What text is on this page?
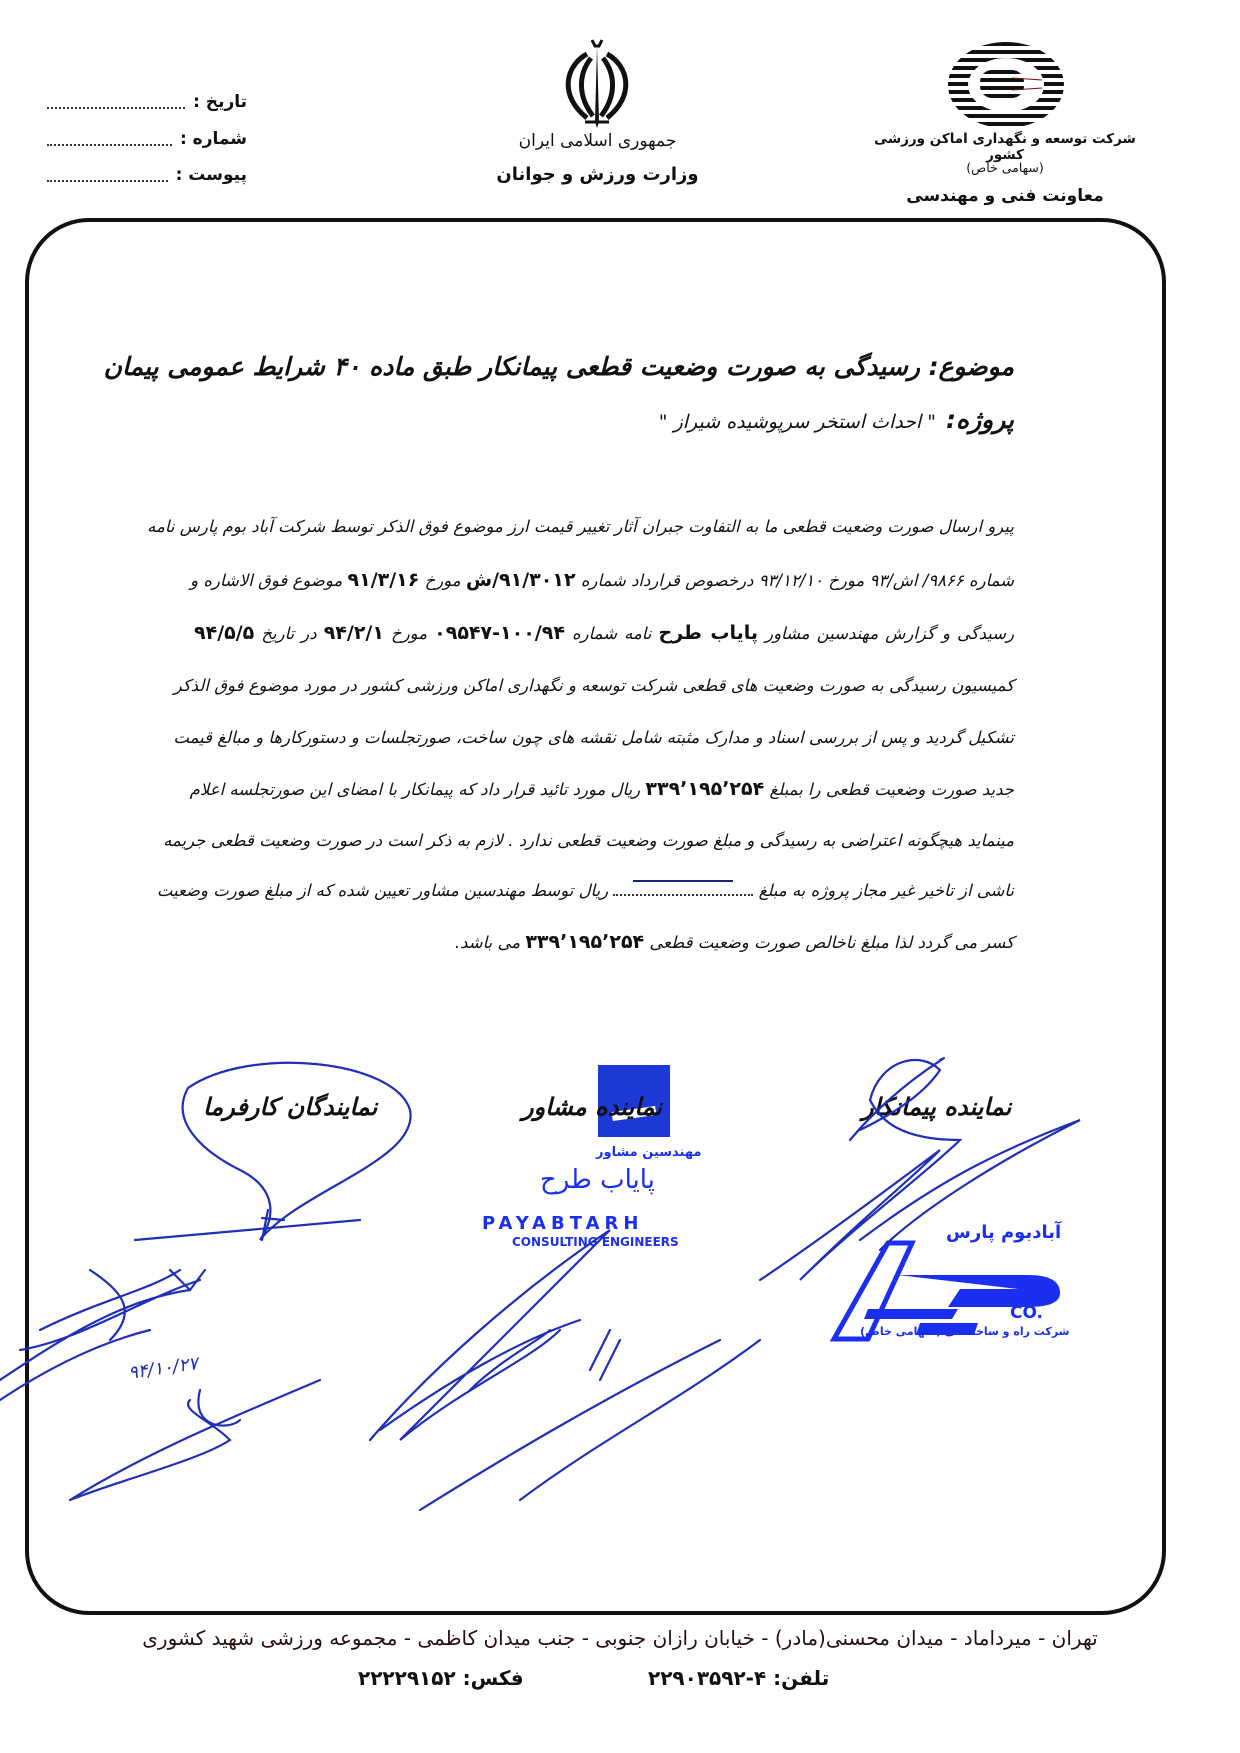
تاریخ :
شماره :
پیوست :
جمهوری اسلامی ایران
وزارت ورزش و جوانان
شرکت توسعه و نگهداری اماکن ورزشی کشور
(سهامی خاص)
معاونت فنی و مهندسی
موضوع: رسیدگی به صورت وضعیت قطعی پیمانکار طبق ماده ۴۰ شرایط عمومی پیمان
پروژه:" احداث استخر سرپوشیده شیراز "
پیرو ارسال صورت وضعیت قطعی ما به التفاوت جبران آثار تغییر قیمت ارز موضوع فوق الذکر توسط شرکت آباد بوم پارس نامه
شماره ۹۸۶۶/ اش/۹۳ مورخ ۹۳/۱۲/۱۰ درخصوص قرارداد شماره ۹۱/۳۰۱۲/ش مورخ ۹۱/۳/۱۶ موضوع فوق الاشاره و
رسیدگی و گزارش مهندسین مشاور پایاب طرح نامه شماره ۱۰۰/۹۴-۰۹۵۴۷ مورخ ۹۴/۲/۱ در تاریخ ۹۴/۵/۵
کمیسیون رسیدگی به صورت وضعیت های قطعی شرکت توسعه و نگهداری اماکن ورزشی کشور در مورد موضوع فوق الذکر
تشکیل گردید و پس از بررسی اسناد و مدارک مثبته شامل نقشه های چون ساخت، صورتجلسات و دستورکارها و مبالغ قیمت
جدید صورت وضعیت قطعی را بمبلغ ۳۳۹٬۱۹۵٬۲۵۴ ریال مورد تائید قرار داد که پیمانکار با امضای این صورتجلسه اعلام
مینماید هیچگونه اعتراضی به رسیدگی و مبلغ صورت وضعیت قطعی ندارد . لازم به ذکر است در صورت وضعیت قطعی جریمه
ناشی از تاخیر غیر مجاز پروژه به مبلغ  ریال توسط مهندسین مشاور تعیین شده که از مبلغ صورت وضعیت
کسر می گردد لذا مبلغ ناخالص صورت وضعیت قطعی ۳۳۹٬۱۹۵٬۲۵۴ می باشد.
نمایندگان کارفرما	نماینده مشاور	نماینده پیمانکار
مهندسین مشاور
پایاب طرح
PAYABTARH
CONSULTING ENGINEERS	آبادبوم پارس
CO.
شرکت راه و ساختمانی (سهامی خاص)
۹۴/۱۰/۲۷
تهران - میرداماد - میدان محسنی(مادر) - خیابان رازان جنوبی - جنب میدان کاظمی - مجموعه ورزشی شهید کشوری
تلفن: ۴-۲۲۹۰۳۵۹۲
فکس: ۲۲۲۲۹۱۵۲
